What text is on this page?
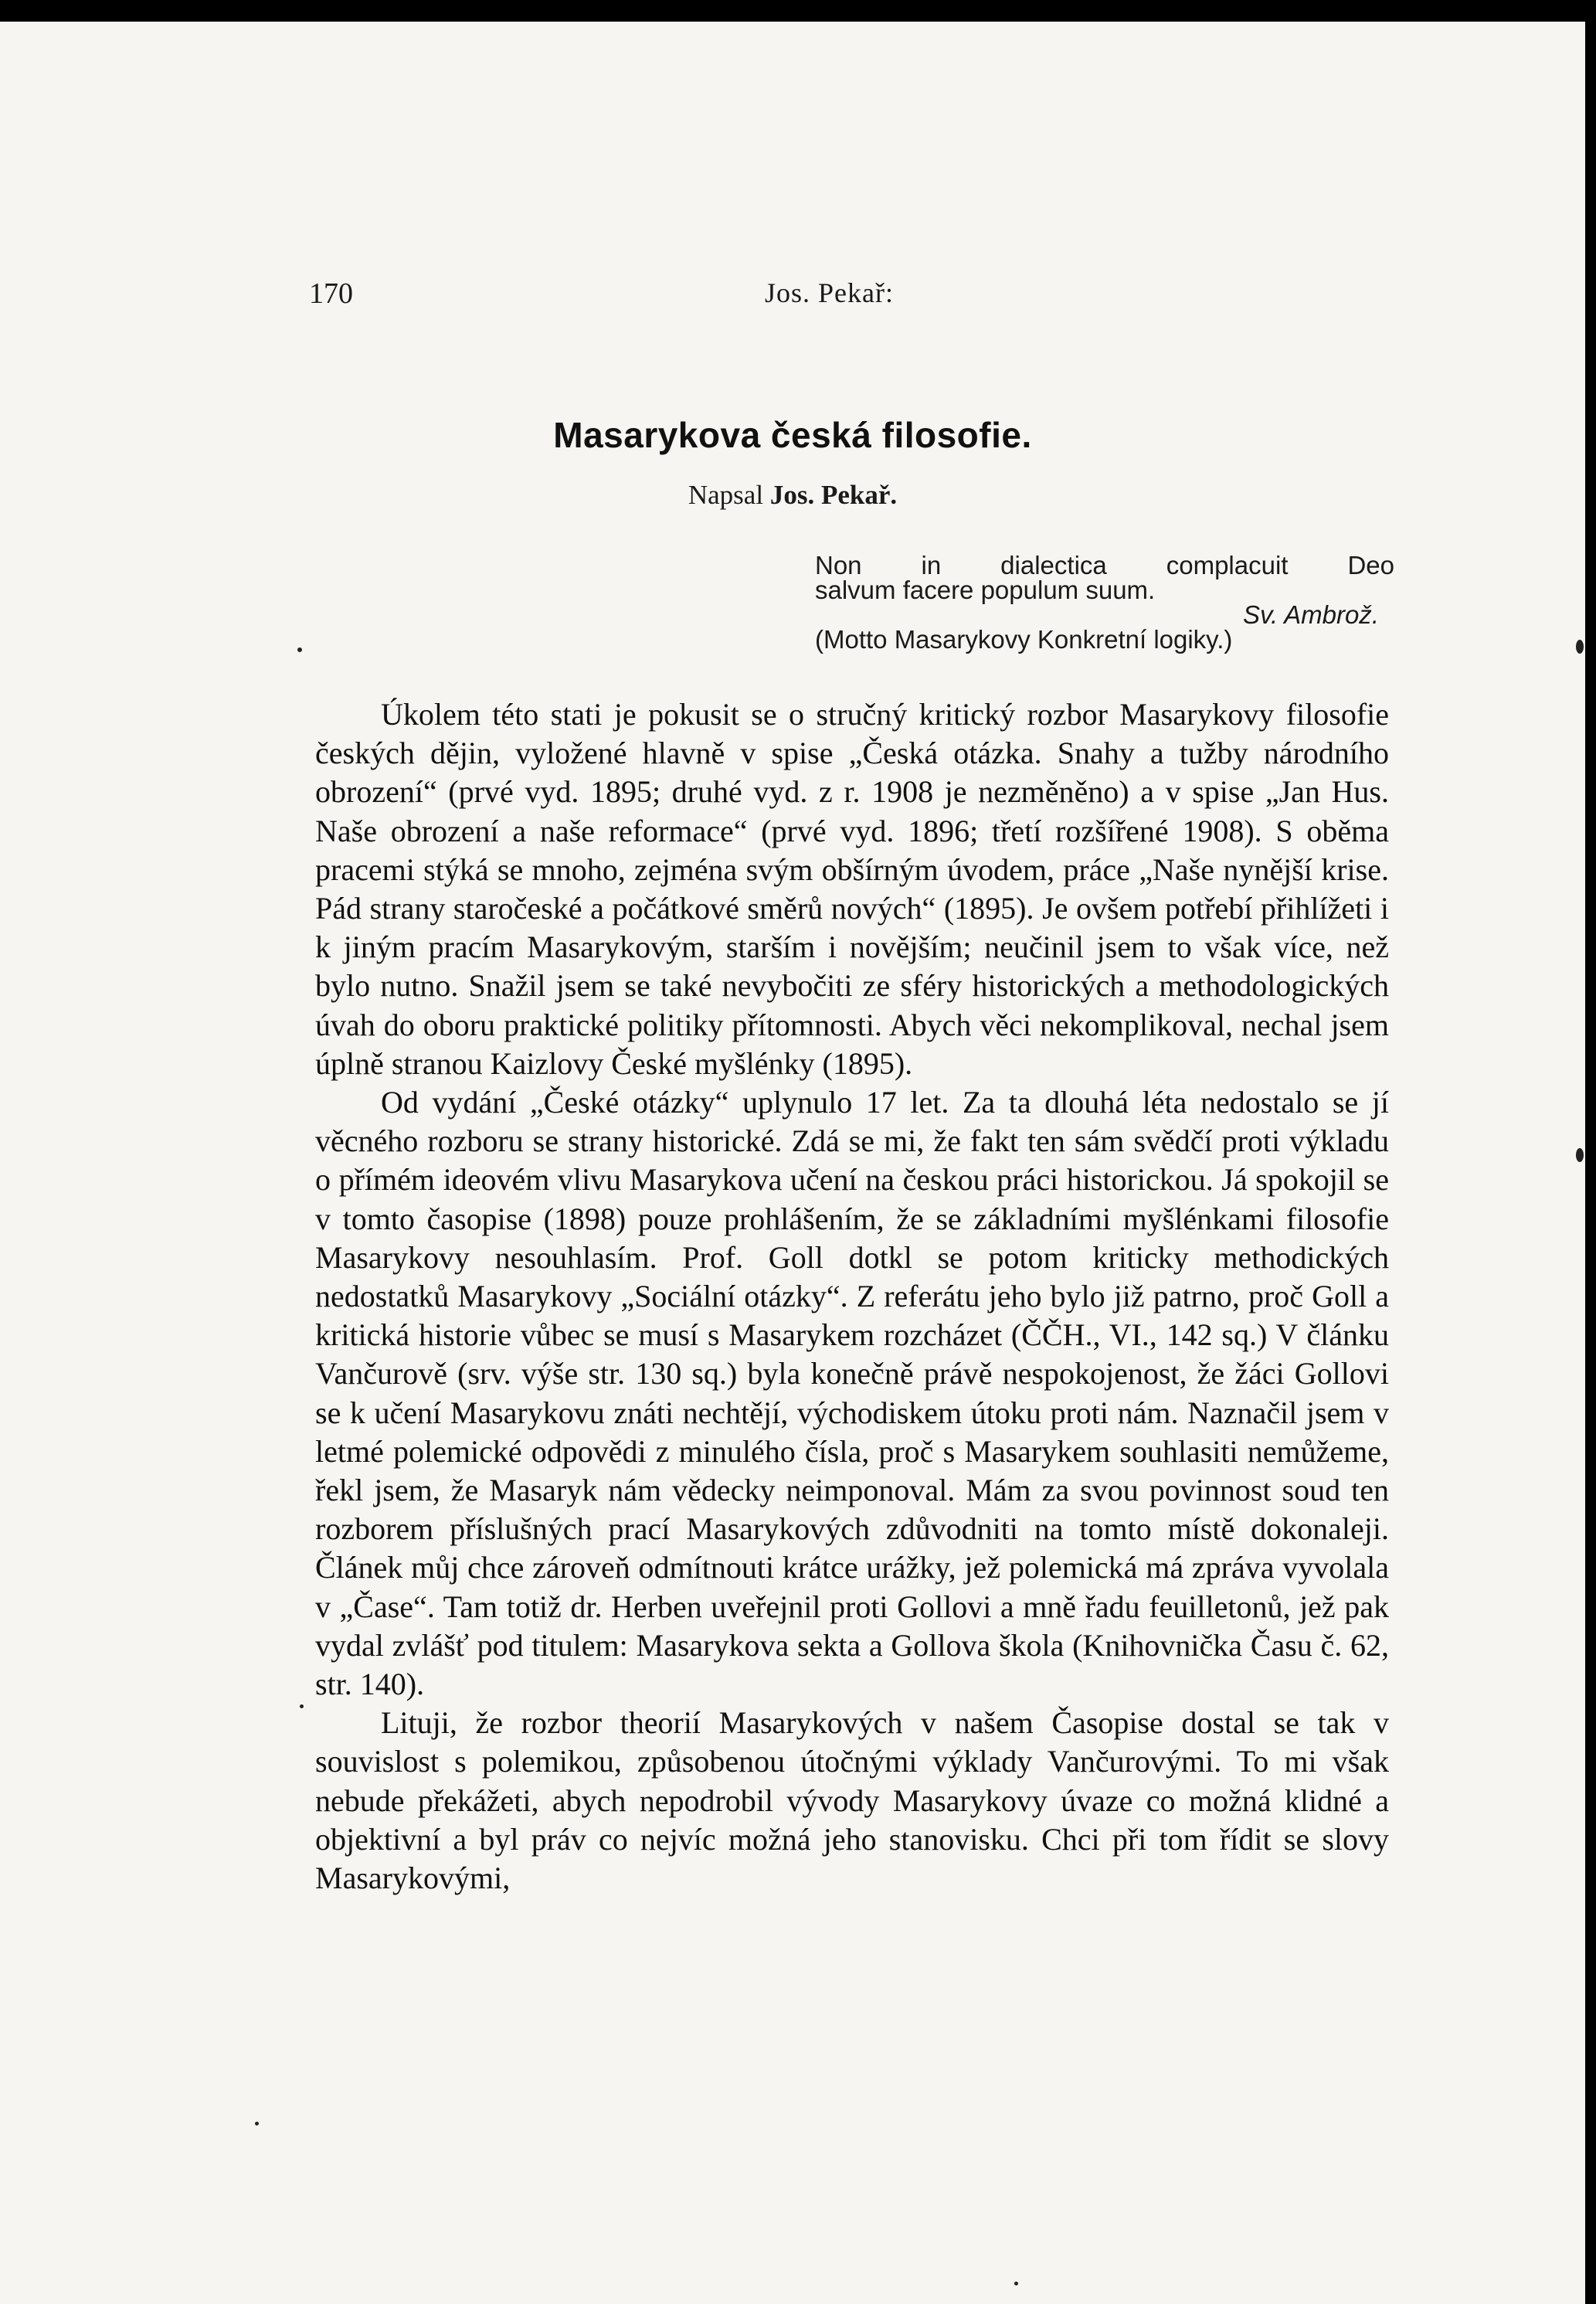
170	Jos. Pekař:
Masarykova česká filosofie.
Napsal Jos. Pekař.
Non in dialectica complacuit Deo
salvum facere populum suum.
Sv. Ambrož.
(Motto Masarykovy Konkretní logiky.)

Úkolem této stati je pokusit se o stručný kritický rozbor Masarykovy filosofie českých dějin, vyložené hlavně v spise „Česká otázka. Snahy a tužby národního obrození“ (prvé vyd. 1895; druhé vyd. z r. 1908 je nezměněno) a v spise „Jan Hus. Naše obrození a naše reformace“ (prvé vyd. 1896; třetí rozšířené 1908). S oběma pracemi stýká se mnoho, zejména svým obšírným úvodem, práce „Naše nynější krise. Pád strany staročeské a počátkové směrů nových“ (1895). Je ovšem potřebí přihlížeti i k jiným pracím Masarykovým, starším i novějším; neučinil jsem to však více, než bylo nutno. Snažil jsem se také nevybočiti ze sféry historických a methodologických úvah do oboru praktické politiky přítomnosti. Abych věci nekomplikoval, nechal jsem úplně stranou Kaizlovy České myšlénky (1895).

Od vydání „České otázky“ uplynulo 17 let. Za ta dlouhá léta nedostalo se jí věcného rozboru se strany historické. Zdá se mi, že fakt ten sám svědčí proti výkladu o přímém ideovém vlivu Masarykova učení na českou práci historickou. Já spokojil se v tomto časopise (1898) pouze prohlášením, že se základními myšlénkami filosofie Masarykovy nesouhlasím. Prof. Goll dotkl se potom kriticky methodických nedostatků Masarykovy „Sociální otázky“. Z referátu jeho bylo již patrno, proč Goll a kritická historie vůbec se musí s Masarykem rozcházet (ČČH., VI., 142 sq.) V článku Vančurově (srv. výše str. 130 sq.) byla konečně právě nespokojenost, že žáci Gollovi se k učení Masarykovu znáti nechtějí, východiskem útoku proti nám. Naznačil jsem v letmé polemické odpovědi z minulého čísla, proč s Masarykem souhlasiti nemůžeme, řekl jsem, že Masaryk nám vědecky neimponoval. Mám za svou povinnost soud ten rozborem příslušných prací Masarykových zdůvodniti na tomto místě dokonaleji. Článek můj chce zároveň odmítnouti krátce urážky, jež polemická má zpráva vyvolala v „Čase“. Tam totiž dr. Herben uveřejnil proti Gollovi a mně řadu feuilletonů, jež pak vydal zvlášť pod titulem: Masarykova sekta a Gollova škola (Knihovnička Času č. 62, str. 140).

Lituji, že rozbor theorií Masarykových v našem Časopise dostal se tak v souvislost s polemikou, způsobenou útočnými výklady Vančurovými. To mi však nebude překážeti, abych nepodrobil vývody Masarykovy úvaze co možná klidné a objektivní a byl práv co nejvíc možná jeho stanovisku. Chci při tom řídit se slovy Masarykovými,
